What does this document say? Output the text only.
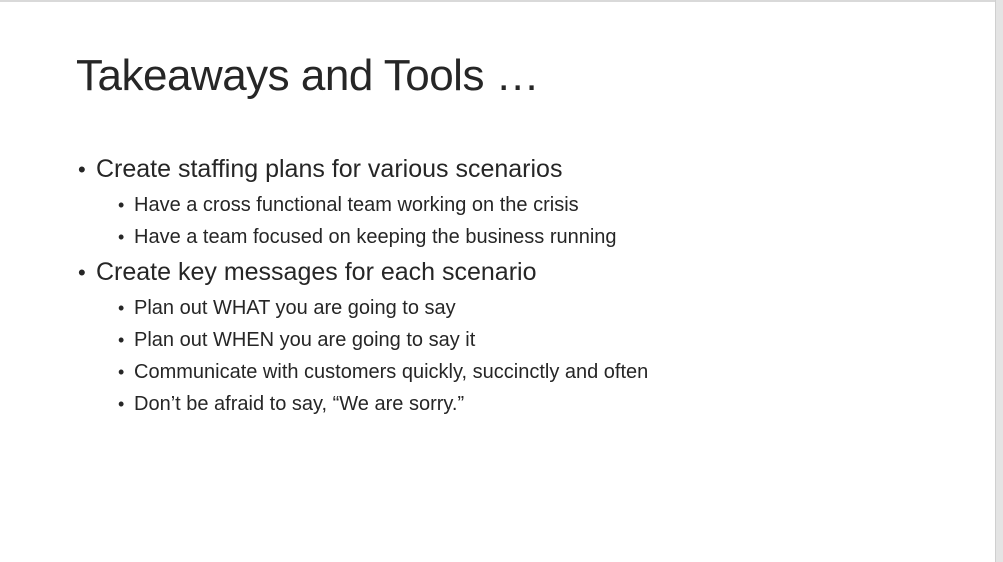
Takeaways and Tools …
• Create staffing plans for various scenarios
• Have a cross functional team working on the crisis
• Have a team focused on keeping the business running
• Create key messages for each scenario
• Plan out WHAT you are going to say
• Plan out WHEN you are going to say it
• Communicate with customers quickly, succinctly and often
• Don’t be afraid to say, “We are sorry.”
